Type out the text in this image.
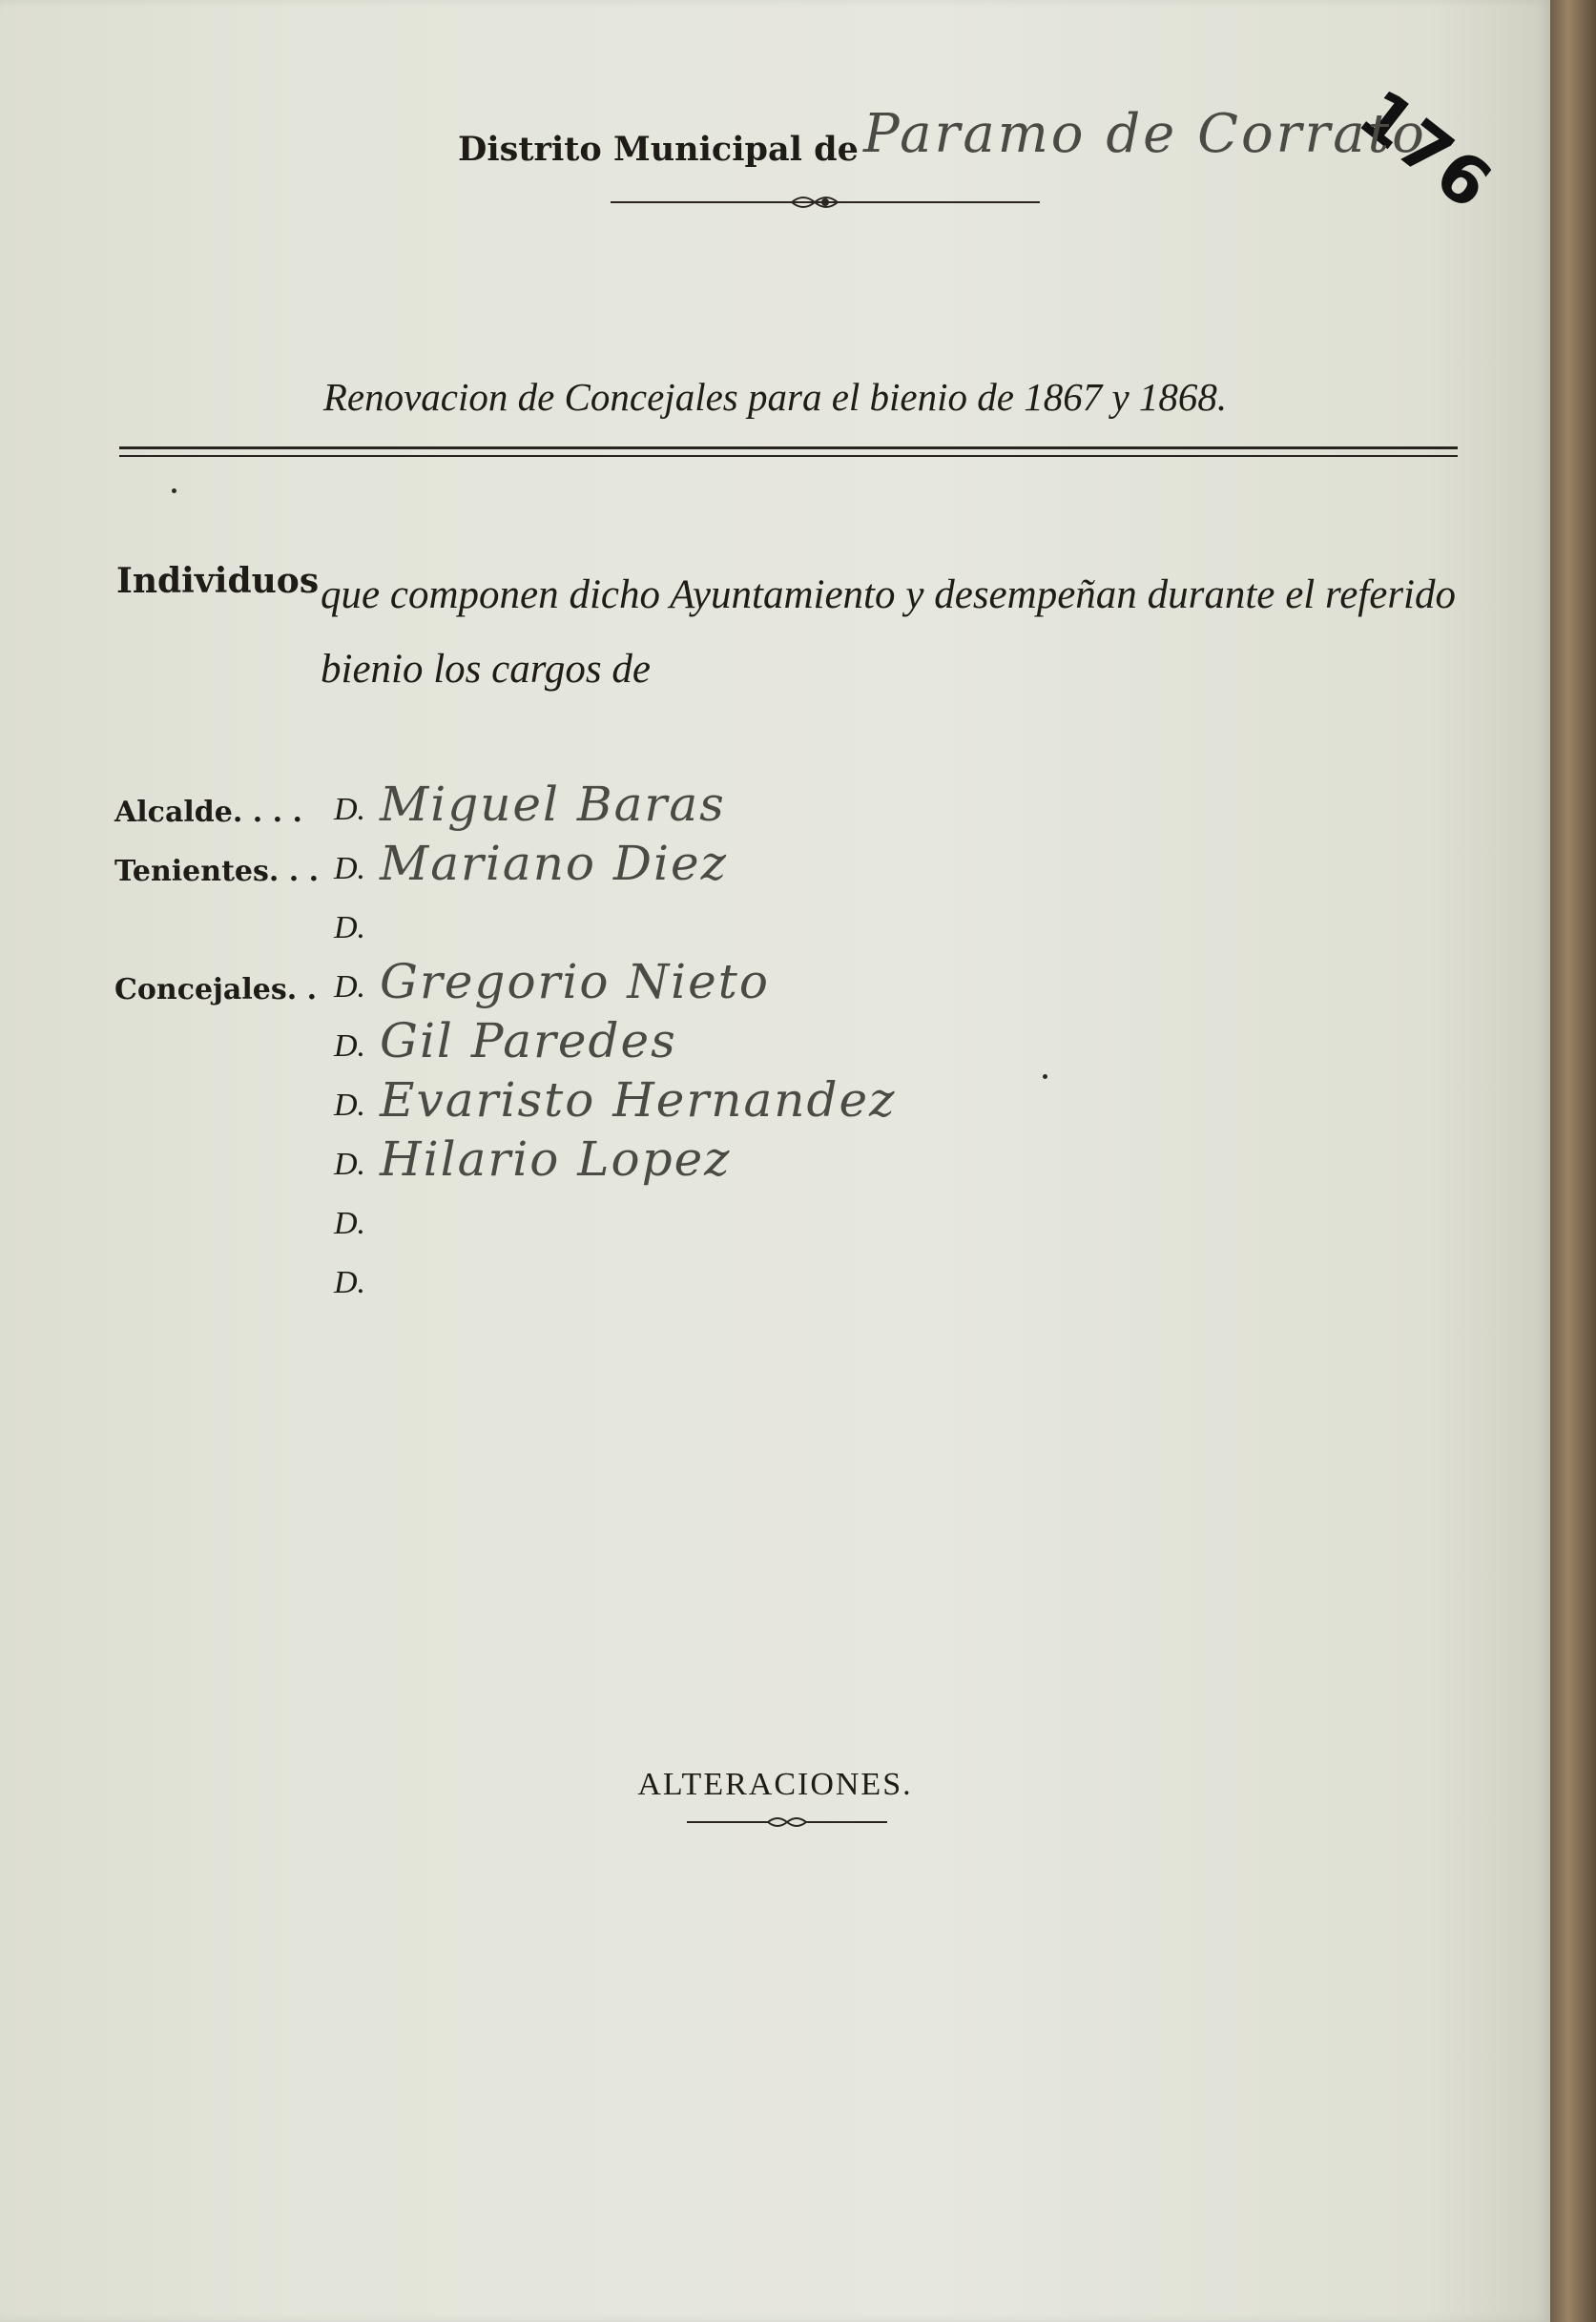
176
Distrito Municipal de Paramo de Corrato
Renovacion de Concejales para el bienio de 1867 y 1868.
Individuos que componen dicho Ayuntamiento y desempeñan durante el referido bienio los cargos de
Alcalde. . . . D. Miguel Baras
Tenientes. . . D. Mariano Diez
D.
Concejales. . D. Gregorio Nieto
D. Gil Paredes
D. Evaristo Hernandez
D. Hilario Lopez
D.
D.
ALTERACIONES.
